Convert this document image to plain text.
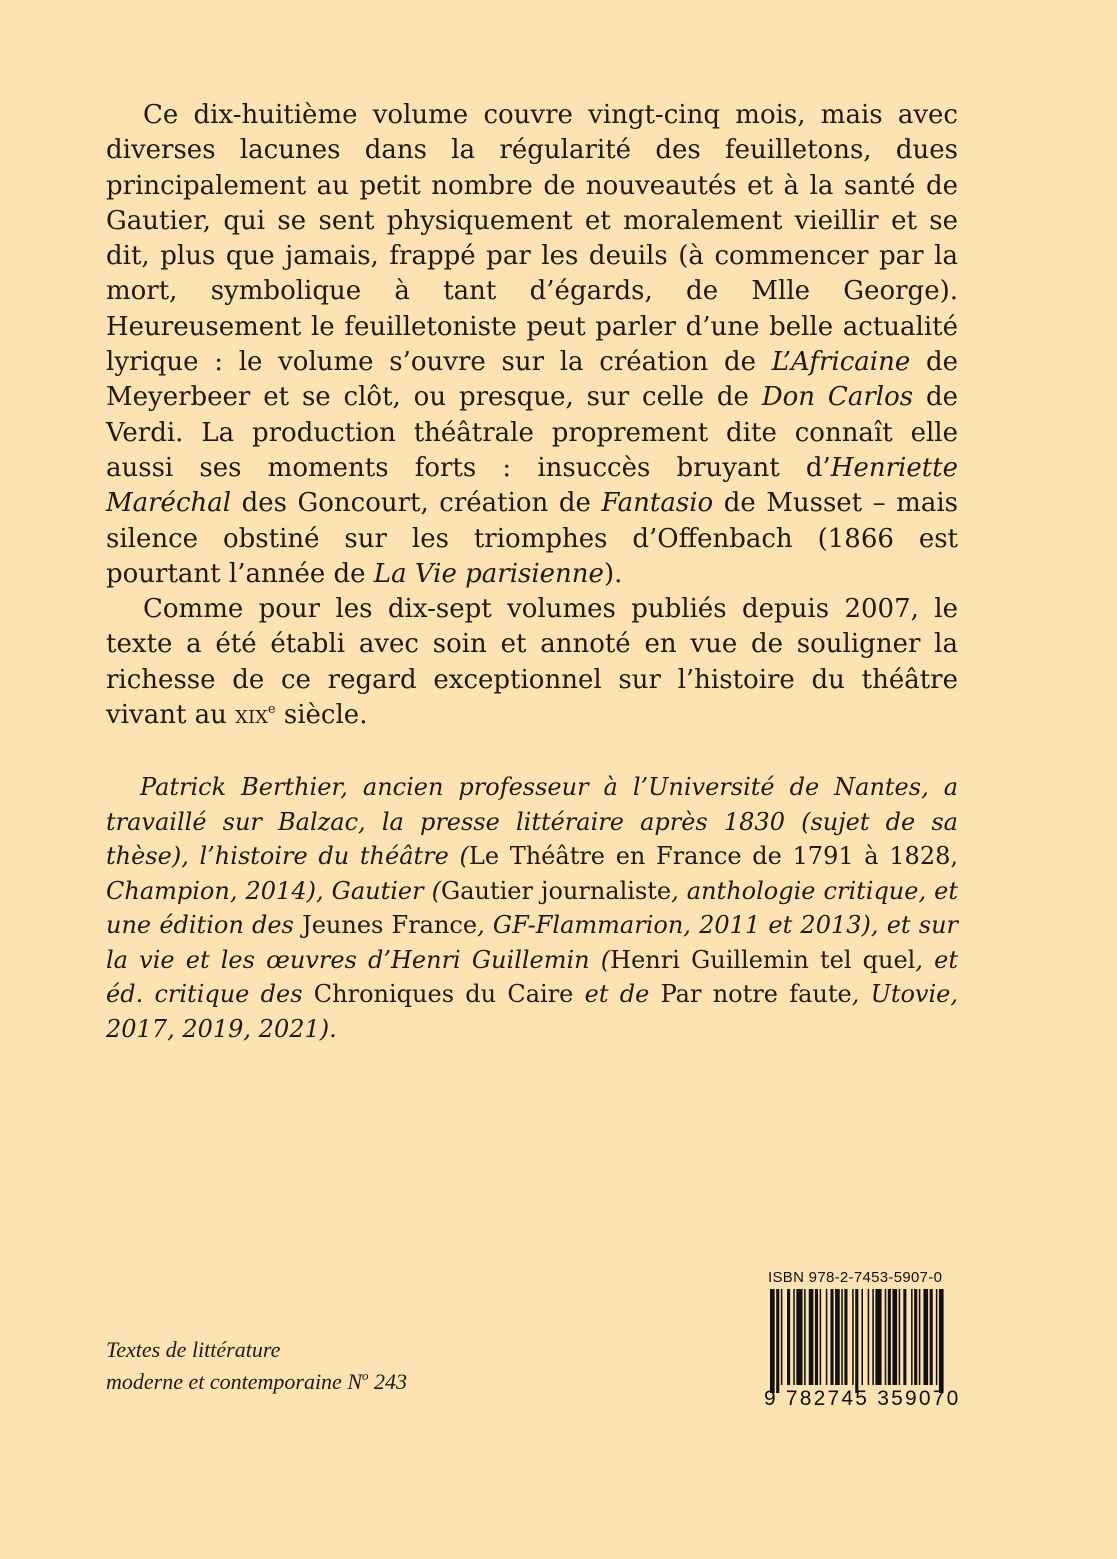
Ce dix-huitième volume couvre vingt-cinq mois, mais avec diverses lacunes dans la régularité des feuilletons, dues principalement au petit nombre de nouveautés et à la santé de Gautier, qui se sent physiquement et moralement vieillir et se dit, plus que jamais, frappé par les deuils (à commencer par la mort, symbolique à tant d’égards, de Mlle George). Heureusement le feuilletoniste peut parler d’une belle actualité lyrique : le volume s’ouvre sur la création de L’Africaine de Meyerbeer et se clôt, ou presque, sur celle de Don Carlos de Verdi. La production théâtrale proprement dite connaît elle aussi ses moments forts : insuccès bruyant d’Henriette Maréchal des Goncourt, création de Fantasio de Musset – mais silence obstiné sur les triomphes d’Offenbach (1866 est pourtant l’année de La Vie parisienne).

Comme pour les dix-sept volumes publiés depuis 2007, le texte a été établi avec soin et annoté en vue de souligner la richesse de ce regard exceptionnel sur l’histoire du théâtre vivant au xix$^e$ siècle.

Patrick Berthier, ancien professeur à l’Université de Nantes, a travaillé sur Balzac, la presse littéraire après 1830 (sujet de sa thèse), l’histoire du théâtre (Le Théâtre en France de 1791 à 1828, Champion, 2014), Gautier (Gautier journaliste, anthologie critique, et une édition des Jeunes France, GF-Flammarion, 2011 et 2013), et sur la vie et les œuvres d’Henri Guillemin (Henri Guillemin tel quel, et éd. critique des Chroniques du Caire et de Par notre faute, Utovie, 2017, 2019, 2021).

Textes de littérature
moderne et contemporaine $N^o$ 243
ISBN 978-2-7453-5907-0
9 782745 359070
